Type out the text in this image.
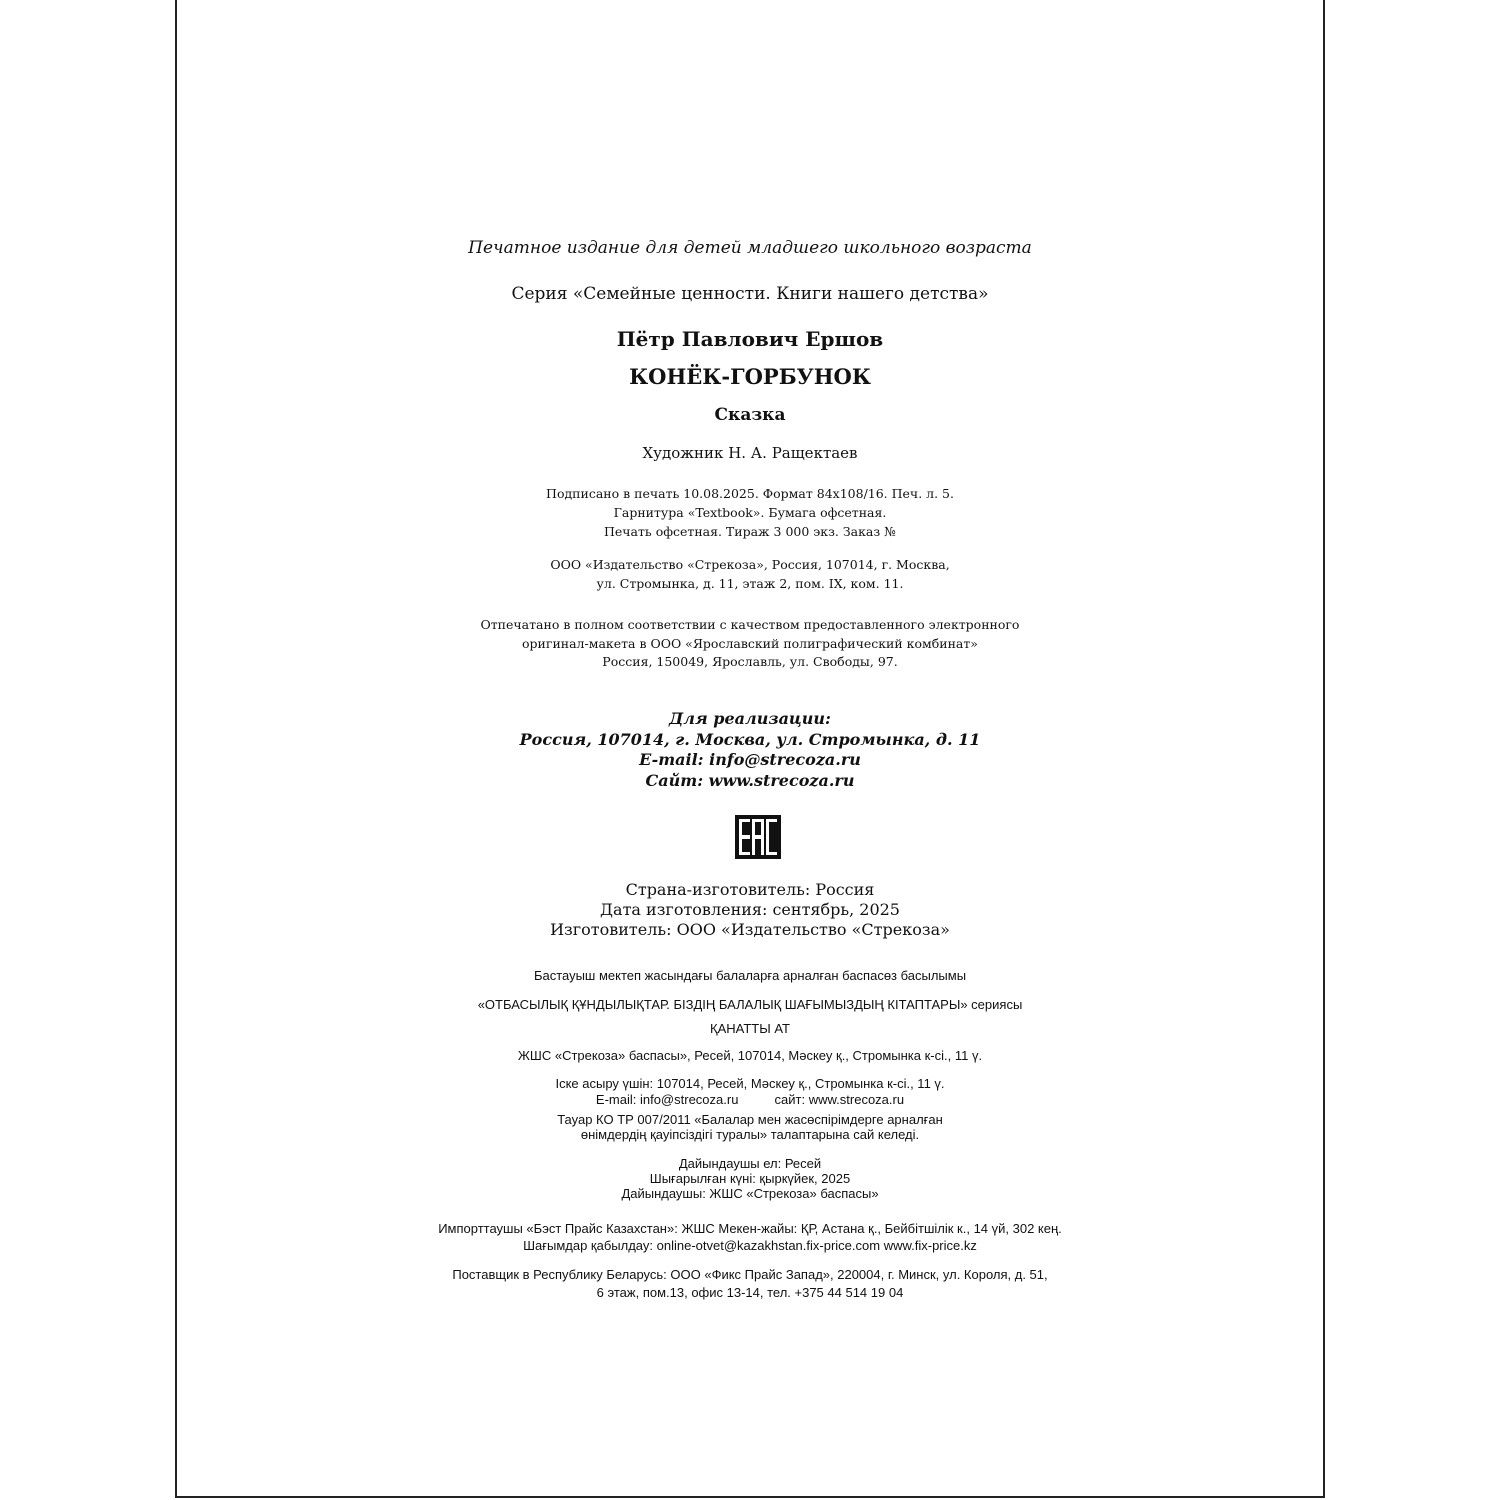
Печатное издание для детей младшего школьного возраста
Серия «Семейные ценности. Книги нашего детства»
Пётр Павлович Ершов
КОНЁК-ГОРБУНОК
Сказка
Художник Н. А. Ращектаев
Подписано в печать 10.08.2025. Формат 84х108/16. Печ. л. 5.
Гарнитура «Textbook». Бумага офсетная.
Печать офсетная. Тираж 3 000 экз. Заказ №
ООО «Издательство «Стрекоза», Россия, 107014, г. Москва,
ул. Стромынка, д. 11, этаж 2, пом. IX, ком. 11.
Отпечатано в полном соответствии с качеством предоставленного электронного
оригинал-макета в ООО «Ярославский полиграфический комбинат»
Россия, 150049, Ярославль, ул. Свободы, 97.
Для реализации:
Россия, 107014, г. Москва, ул. Стромынка, д. 11
E-mail: info@strecoza.ru
Сайт: www.strecoza.ru
Страна-изготовитель: Россия
Дата изготовления: сентябрь, 2025
Изготовитель: ООО «Издательство «Стрекоза»
Бастауыш мектеп жасындағы балаларға арналған баспасөз басылымы
«ОТБАСЫЛЫҚ ҚҰНДЫЛЫҚТАР. БІЗДІҢ БАЛАЛЫҚ ШАҒЫМЫЗДЫҢ КІТАПТАРЫ» сериясы
ҚАНАТТЫ АТ
ЖШС «Стрекоза» баспасы», Ресей, 107014, Мәскеу қ., Стромынка к-сі., 11 ү.
Іске асыру үшін: 107014, Ресей, Мәскеу қ., Стромынка к-сі., 11 ү.
E-mail: info@strecoza.ru          сайт: www.strecoza.ru
Тауар КО ТР 007/2011 «Балалар мен жасөспірімдерге арналған
өнімдердің қауіпсіздігі туралы» талаптарына сай келеді.
Дайындаушы ел: Ресей
Шығарылған күні: қыркүйек, 2025
Дайындаушы: ЖШС «Стрекоза» баспасы»
Импорттаушы «Бэст Прайс Казахстан»: ЖШС Мекен-жайы: ҚР, Астана қ., Бейбітшілік к., 14 үй, 302 кең.
Шағымдар қабылдау: online-otvet@kazakhstan.fix-price.com www.fix-price.kz
Поставщик в Республику Беларусь: ООО «Фикс Прайс Запад», 220004, г. Минск, ул. Короля, д. 51,
6 этаж, пом.13, офис 13-14, тел. +375 44 514 19 04
